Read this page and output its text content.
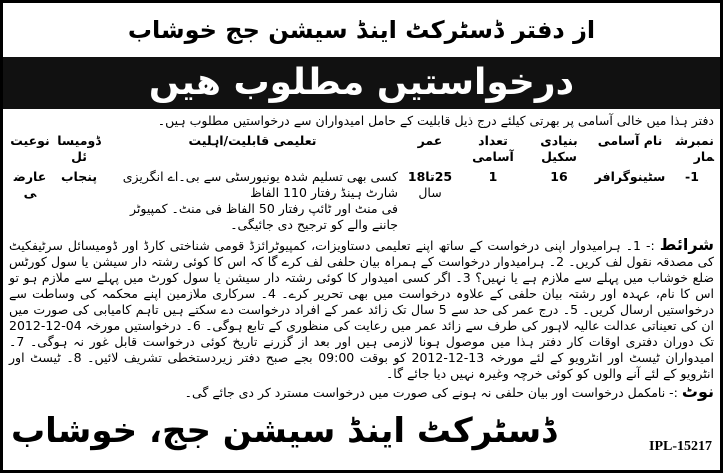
از دفتر ڈسٹرکٹ اینڈ سیشن جج خوشاب
درخواستیں مطلوب ھیں
دفتر ہذا میں خالی آسامی پر بھرتی کیلئے درج ذیل قابلیت کے حامل امیدواران سے درخواستیں مطلوب ہیں۔
نمبرشمار
نام آسامی
بنیادی سکیل
تعداد آسامی
عمر
تعلیمی قابلیت/اہلیت
ڈومیسائل
نوعیت
1-
سٹینوگرافر
16
1
25تا18
سال
کسی بھی تسلیم شدہ یونیورسٹی سے بی۔اے انگریزی شارٹ ہینڈ رفتار 110 الفاظ
فی منٹ اور ٹائپ رفتار 50 الفاظ فی منٹ۔ کمپیوٹر جاننے والے کو ترجیح دی جائیگی۔
پنجاب
عارضی

شرائط :- 1۔ ہرامیدوار اپنی درخواست کے ساتھ اپنے تعلیمی دستاویزات، کمپیوٹرائزڈ قومی شناختی کارڈ اور ڈومیسائل سرٹیفکیٹ کی مصدقہ نقول لف کریں۔ 2۔ ہرامیدوار درخواست کے ہمراہ بیان حلفی لف کرے گا کہ اس کا کوئی رشتہ دار سیشن یا سول کورٹس ضلع خوشاب میں پہلے سے ملازم ہے یا نہیں؟ 3۔ اگر کسی امیدوار کا کوئی رشتہ دار سیشن یا سول کورٹ میں پہلے سے ملازم ہو تو اس کا نام، عہدہ اور رشتہ بیان حلفی کے علاوہ درخواست میں بھی تحریر کرے۔ 4۔ سرکاری ملازمین اپنے محکمہ کی وساطت سے درخواستیں ارسال کریں۔ 5۔ درج عمر کی حد سے 5 سال تک زائد عمر کے افراد درخواست دے سکتے ہیں تاہم کامیابی کی صورت میں ان کی تعیناتی عدالت عالیہ لاہور کی طرف سے زائد عمر میں رعایت کی منظوری کے تابع ہوگی۔ 6۔ درخواستیں مورخہ 04-12-2012 تک دوران دفتری اوقات کار دفتر ہذا میں موصول ہونا لازمی ہیں اور بعد از گزرنے تاریخ کوئی درخواست قابل غور نہ ہوگی۔ 7۔ امیدواران ٹیسٹ اور انٹرویو کے لئے مورخہ 13-12-2012 کو بوقت 09:00 بجے صبح دفتر زیردستخطی تشریف لائیں۔ 8۔ ٹیسٹ اور انٹرویو کے لئے آنے والوں کو کوئی خرچہ وغیرہ نہیں دیا جائے گا۔

نوٹ :- نامکمل درخواست اور بیان حلفی نہ ہونے کی صورت میں درخواست مسترد کر دی جائے گی۔

IPL-15217
ڈسٹرکٹ اینڈ سیشن جج، خوشاب
